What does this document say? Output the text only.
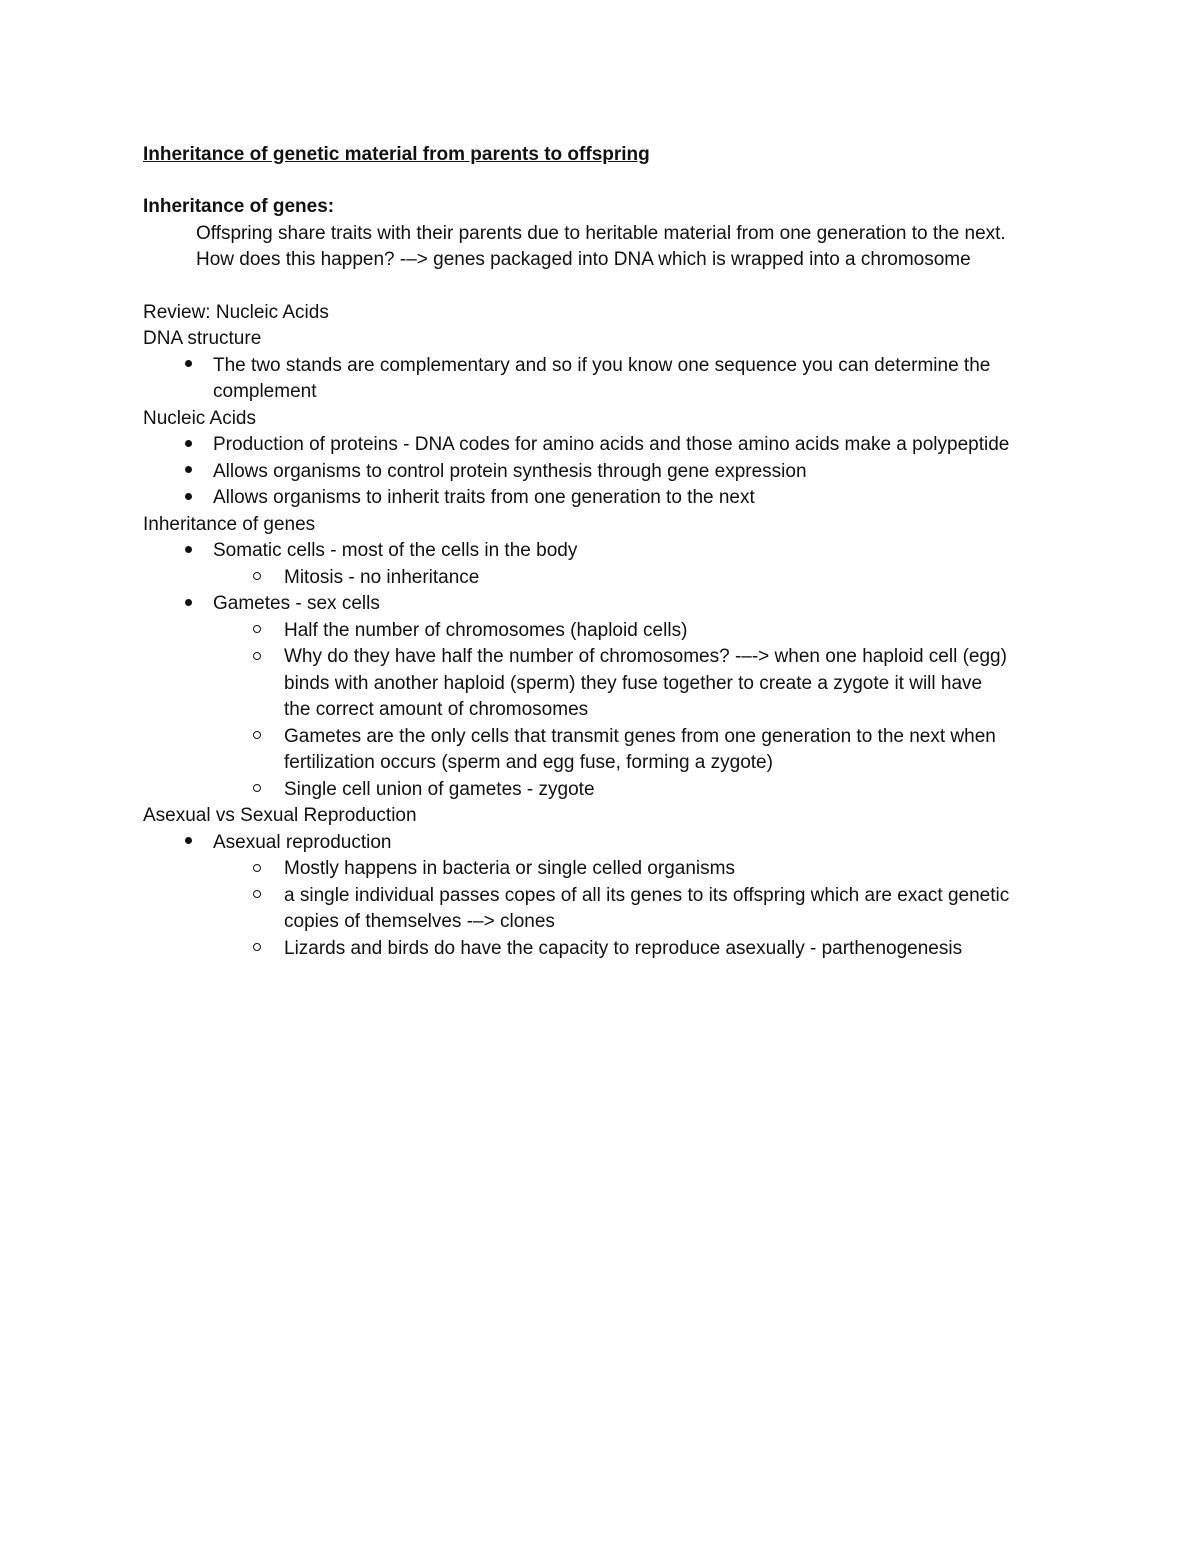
Inheritance of genetic material from parents to offspring
Inheritance of genes:
Offspring share traits with their parents due to heritable material from one generation to the next.
How does this happen? -–> genes packaged into DNA which is wrapped into a chromosome
Review: Nucleic Acids
DNA structure
The two stands are complementary and so if you know one sequence you can determine the
complement
Nucleic Acids
Production of proteins - DNA codes for amino acids and those amino acids make a polypeptide
Allows organisms to control protein synthesis through gene expression
Allows organisms to inherit traits from one generation to the next
Inheritance of genes
Somatic cells - most of the cells in the body
Mitosis - no inheritance
Gametes - sex cells
Half the number of chromosomes (haploid cells)
Why do they have half the number of chromosomes? -–-> when one haploid cell (egg)
binds with another haploid (sperm) they fuse together to create a zygote it will have
the correct amount of chromosomes
Gametes are the only cells that transmit genes from one generation to the next when
fertilization occurs (sperm and egg fuse, forming a zygote)
Single cell union of gametes - zygote
Asexual vs Sexual Reproduction
Asexual reproduction
Mostly happens in bacteria or single celled organisms
a single individual passes copes of all its genes to its offspring which are exact genetic
copies of themselves -–> clones
Lizards and birds do have the capacity to reproduce asexually - parthenogenesis
